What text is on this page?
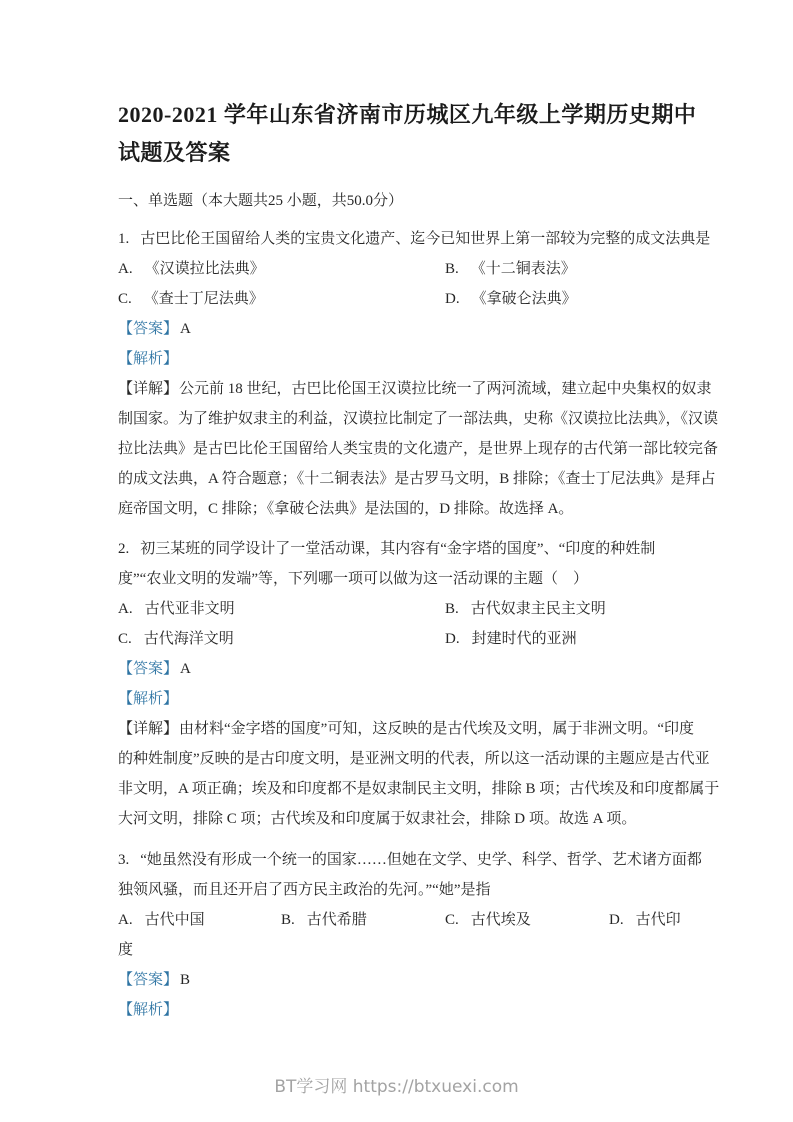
2020-2021 学年山东省济南市历城区九年级上学期历史期中
试题及答案
一、单选题（本大题共25 小题，共50.0分）
1. 古巴比伦王国留给人类的宝贵文化遗产、迄今已知世界上第一部较为完整的成文法典是
A. 《汉谟拉比法典》	B. 《十二铜表法》
C. 《查士丁尼法典》	D. 《拿破仑法典》
【答案】 A
【解析】
【详解】公元前 18 世纪，古巴比伦国王汉谟拉比统一了两河流域，建立起中央集权的奴隶
制国家。为了维护奴隶主的利益，汉谟拉比制定了一部法典，史称《汉谟拉比法典》，《汉谟
拉比法典》是古巴比伦王国留给人类宝贵的文化遗产，是世界上现存的古代第一部比较完备
的成文法典，A 符合题意；《十二铜表法》是古罗马文明，B 排除；《查士丁尼法典》是拜占
庭帝国文明，C 排除；《拿破仑法典》是法国的，D 排除。故选择 A。
2. 初三某班的同学设计了一堂活动课，其内容有“金字塔的国度”、“印度的种姓制
度”“农业文明的发端”等，下列哪一项可以做为这一活动课的主题（　）
A. 古代亚非文明	B. 古代奴隶主民主文明
C. 古代海洋文明	D. 封建时代的亚洲
【答案】 A
【解析】
【详解】由材料“金字塔的国度”可知，这反映的是古代埃及文明，属于非洲文明。“印度
的种姓制度”反映的是古印度文明，是亚洲文明的代表，所以这一活动课的主题应是古代亚
非文明，A 项正确；埃及和印度都不是奴隶制民主文明，排除 B 项；古代埃及和印度都属于
大河文明，排除 C 项；古代埃及和印度属于奴隶社会，排除 D 项。故选 A 项。
3. “她虽然没有形成一个统一的国家……但她在文学、史学、科学、哲学、艺术诸方面都
独领风骚，而且还开启了西方民主政治的先河。”“她”是指
A. 古代中国	B. 古代希腊	C. 古代埃及	D. 古代印
度
【答案】 B
【解析】
BT学习网 https://btxuexi.com
